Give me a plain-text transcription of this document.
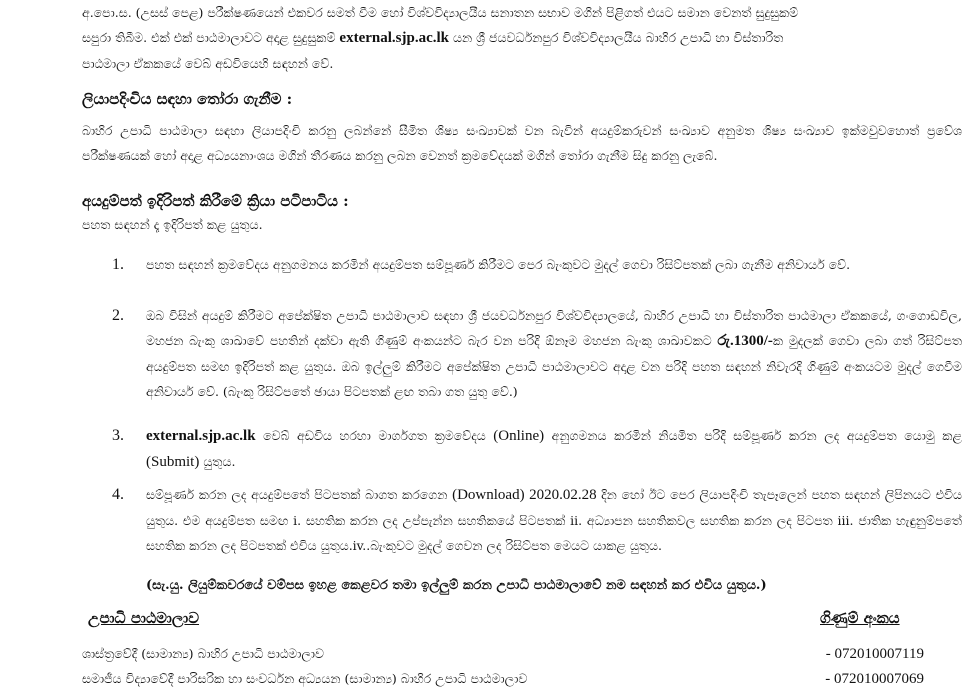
අ.පො.ස. (උසස් පෙළ) පරීක්ෂණයෙන් එකවර සමත් වීම හෝ විශ්වවිද්‍යාලයීය සනාතන සභාව මගින් පිළිගත් එයට සමාන වෙනත් සුදුසුකම්

සපුරා තිබීම. එක් එක් පාඨමාලාවට අදාළ සුදුසුකම් external.sjp.ac.lk යන ශ්‍රී ජයවර්ධනපුර විශ්වවිද්‍යාලයීය බාහිර උපාධි හා විස්තාරිත

පාඨමාලා ඒකකයේ වෙබ් අඩවියෙහි සඳහන් වේ.

ලියාපදිංචිය සඳහා තෝරා ගැනීම :
බාහිර උපාධි පාඨමාලා සඳහා ලියාපදිංචි කරනු ලබන්නේ සීමිත ශිෂ්‍ය සංඛ්‍යාවක් වන බැවින් අයදුම්කරුවන් සංඛ්‍යාව අනුමත ශිෂ්‍ය සංඛ්‍යාව ඉක්මවුවහොත් ප්‍රවේශ පරීක්ෂණයක් හෝ අදාළ අධ්‍යයනාංශය මගින් තීරණය කරනු ලබන වෙනත් ක්‍රමවේදයක් මගින් තෝරා ගැනීම සිදු කරනු ලැබේ.
අයදුම්පත් ඉදිරිපත් කිරීමේ ක්‍රියා පටිපාටිය :
පහත සඳහන් දෑ ඉදිරිපත් කළ යුතුය.
1. පහත සඳහන් ක්‍රමවේදය අනුගමනය කරමින් අයදුම්පත සම්පූර්ණ කිරීමට පෙර බැංකුවට මුදල් ගෙවා රිසිට්පතක් ලබා ගැනීම අනිවාර්ය වේ.
2. ඔබ විසින් අයදුම් කිරීමට අපේක්ෂිත උපාධි පාඨමාලාව සඳහා ශ්‍රී ජයවර්ධනපුර විශ්වවිද්‍යාලයේ, බාහිර උපාධි හා විස්තාරිත පාඨමාලා ඒකකයේ, ගංගොඩවිල, මහජන බැංකු ශාඛාවේ පහතින් දක්වා ඇති ගිණුම් අංකයන්ට බැර වන පරිදි ඕනෑම මහජන බැංකු ශාඛාවකට රු.1300/-ක මුදලක් ගෙවා ලබා ගත් රිසිට්පත අයදුම්පත සමඟ ඉදිරිපත් කළ යුතුය. ඔබ ඉල්ලුම් කිරීමට අපේක්ෂිත උපාධි පාඨමාලාවට අදාළ වන පරිදි පහත සඳහන් නිවැරදි ගිණුම් අංකයටම මුදල් ගෙවීම අනිවාර්ය වේ. (බැංකු රිසිට්පතේ ඡායා පිටපතක් ළඟ තබා ගත යුතු වේ.)
3. external.sjp.ac.lk වෙබ් අඩවිය හරහා මාර්ගගත ක්‍රමවේදය (Online) අනුගමනය කරමින් නියමිත පරිදි සම්පූර්ණ කරන ලද අයදුම්පත යොමු කළ (Submit) යුතුය.
4. සම්පූර්ණ කරන ලද අයදුම්පතේ පිටපතක් බාගත කරගෙන (Download) 2020.02.28 දින හෝ ඊට පෙර ලියාපදිංචි තැපෑලෙන් පහත සඳහන් ලිපිනයට එවිය යුතුය. එම අයදුම්පත සමඟ i. සහතික කරන ලද උප්පැන්න සහතිකයේ පිටපතක් ii. අධ්‍යාපන සහතිකවල සහතික කරන ලද පිටපත iii. ජාතික හැඳුනුම්පතේ සහතික කරන ලද පිටපතක් එවිය යුතුය.iv..බැංකුවට මුදල් ගෙවන ලද රිසිට්පත මෙයට යාකළ යුතුය.
(සැ.යු. ලියුම්කවරයේ වම්පස ඉහළ කෙළවර තමා ඉල්ලුම් කරන උපාධි පාඨමාලාවේ නම සඳහන් කර එවිය යුතුය.)
උපාධි පාඨමාලාව	ගිණුම් අංකය
ශාස්ත්‍රවේදී (සාමාන්‍ය) බාහිර උපාධි පාඨමාලාව	- 072010007119
සමාජීය විද්‍යාවේදී පාරිසරික හා සංවර්ධන අධ්‍යයන (සාමාන්‍ය) බාහිර උපාධි පාඨමාලාව	- 072010007069
